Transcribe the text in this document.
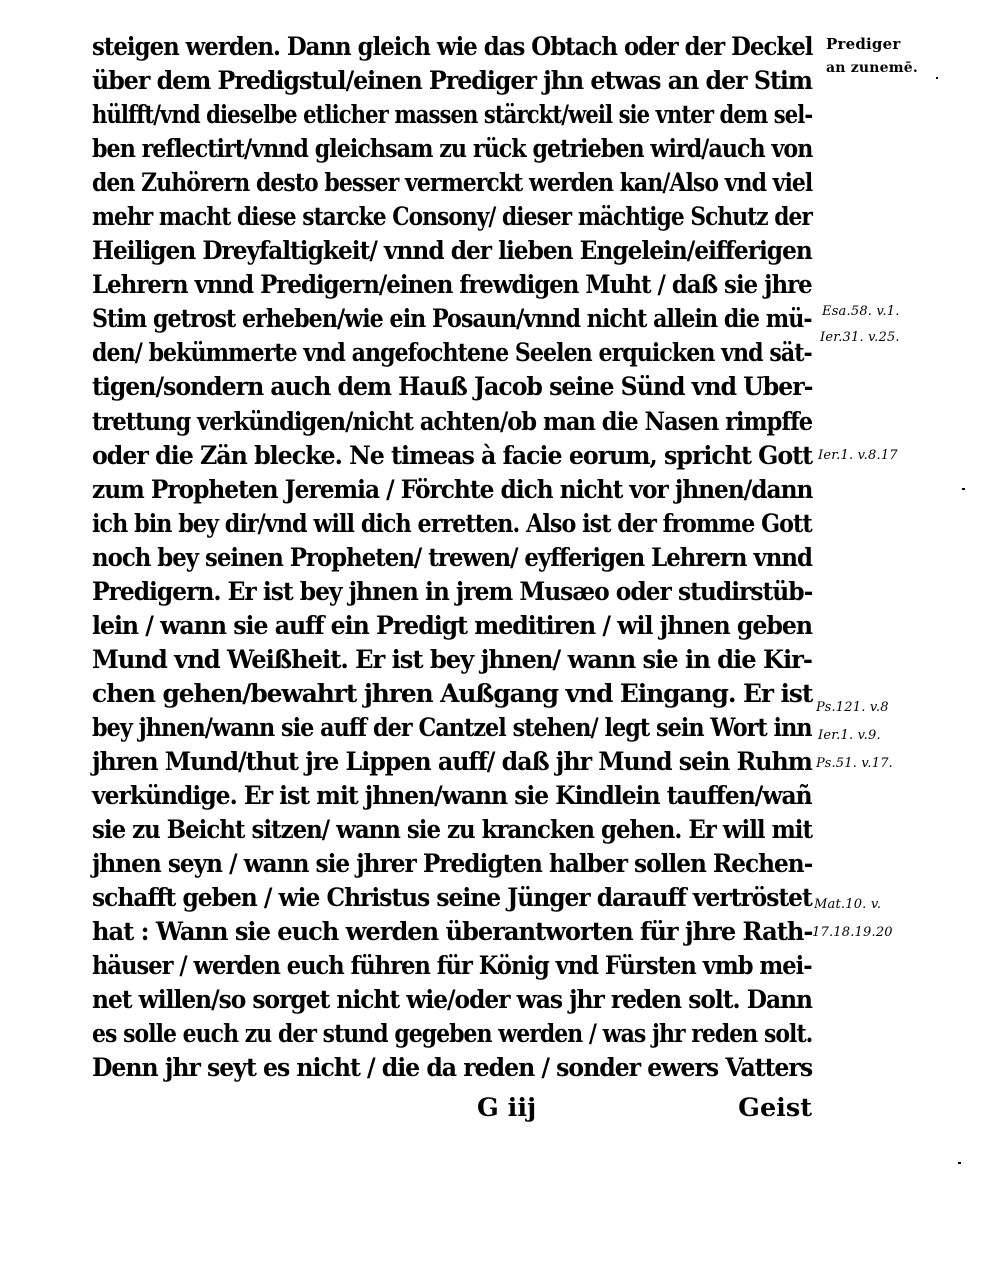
steigen werden. Dann gleich wie das Obtach oder der Deckel
über dem Predigstul/einen Prediger jhn etwas an der Stim
hülfft/vnd dieselbe etlicher massen stärckt/weil sie vnter dem sel-
ben reflectirt/vnnd gleichsam zu rück getrieben wird/auch von
den Zuhörern desto besser vermerckt werden kan/Also vnd viel
mehr macht diese starcke Consony/ dieser mächtige Schutz der
Heiligen Dreyfaltigkeit/ vnnd der lieben Engelein/eifferigen
Lehrern vnnd Predigern/einen frewdigen Muht / daß sie jhre
Stim getrost erheben/wie ein Posaun/vnnd nicht allein die mü-
den/ bekümmerte vnd angefochtene Seelen erquicken vnd sät-
tigen/sondern auch dem Hauß Jacob seine Sünd vnd Uber-
trettung verkündigen/nicht achten/ob man die Nasen rimpffe
oder die Zän blecke. Ne timeas à facie eorum, spricht Gott
zum Propheten Jeremia / Förchte dich nicht vor jhnen/dann
ich bin bey dir/vnd will dich erretten. Also ist der fromme Gott
noch bey seinen Propheten/ trewen/ eyfferigen Lehrern vnnd
Predigern. Er ist bey jhnen in jrem Musæo oder studirstüb-
lein / wann sie auff ein Predigt meditiren / wil jhnen geben
Mund vnd Weißheit. Er ist bey jhnen/ wann sie in die Kir-
chen gehen/bewahrt jhren Außgang vnd Eingang. Er ist
bey jhnen/wann sie auff der Cantzel stehen/ legt sein Wort inn
jhren Mund/thut jre Lippen auff/ daß jhr Mund sein Ruhm
verkündige. Er ist mit jhnen/wann sie Kindlein tauffen/wañ
sie zu Beicht sitzen/ wann sie zu krancken gehen. Er will mit
jhnen seyn / wann sie jhrer Predigten halber sollen Rechen-
schafft geben / wie Christus seine Jünger darauff vertröstet
hat : Wann sie euch werden überantworten für jhre Rath-
häuser / werden euch führen für König vnd Fürsten vmb mei-
net willen/so sorget nicht wie/oder was jhr reden solt. Dann
es solle euch zu der stund gegeben werden / was jhr reden solt.
Denn jhr seyt es nicht / die da reden / sonder ewers Vatters
Prediger
an zunemē.
Esa.58. v.1.
Ier.31. v.25.
Ier.1. v.8.17
Ps.121. v.8
Ier.1. v.9.
Ps.51. v.17.
Mat.10. v.
17.18.19.20
G iij	Geist
